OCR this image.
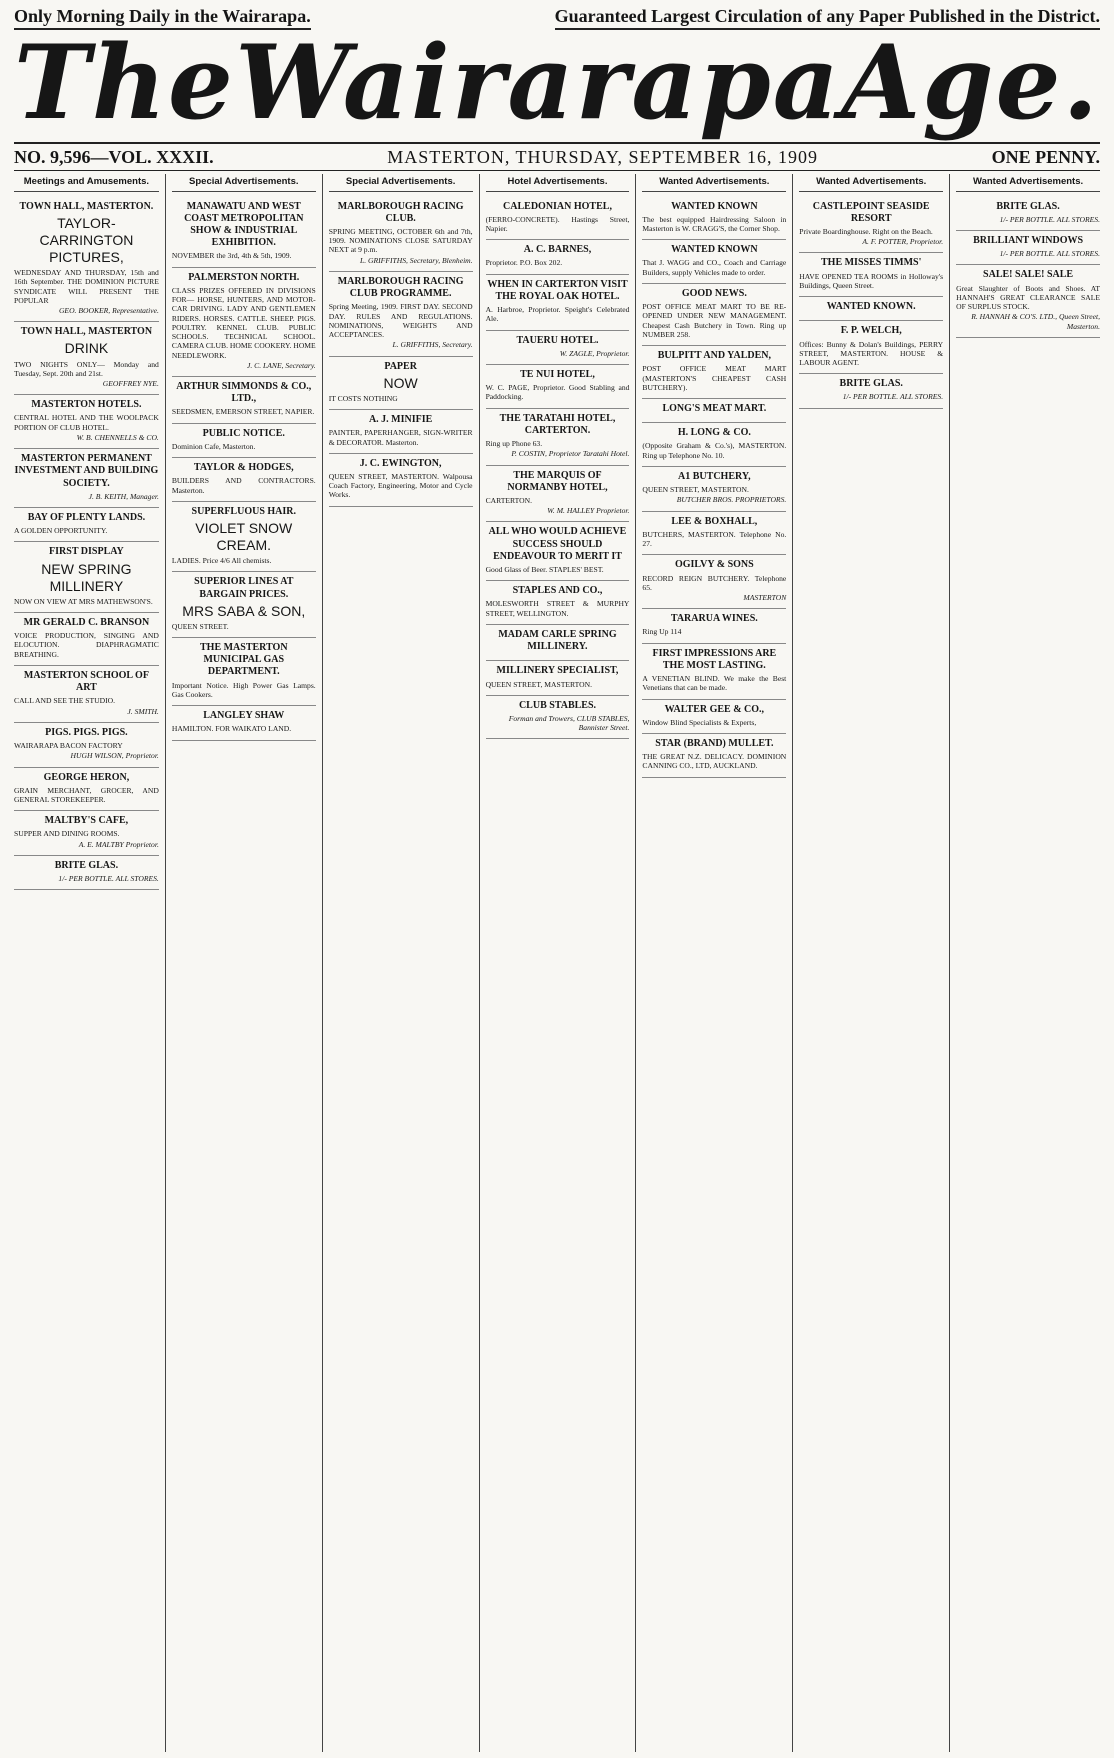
Only Morning Daily in the Wairarapa.	Guaranteed Largest Circulation of any Paper Published in the District.
The Wairarapa Age.
NO. 9,596—VOL. XXXII.	MASTERTON, THURSDAY, SEPTEMBER 16, 1909	ONE PENNY.
Meetings and Amusements.
TOWN HALL, MASTERTON.
TAYLOR-CARRINGTON PICTURES,

WEDNESDAY AND THURSDAY, 15th and 16th September. THE DOMINION PICTURE SYNDICATE WILL PRESENT THE POPULAR

GEO. BOOKER, Representative.

TOWN HALL, MASTERTON
DRINK

TWO NIGHTS ONLY— Monday and Tuesday, Sept. 20th and 21st.

GEOFFREY NYE.

MASTERTON HOTELS.

CENTRAL HOTEL AND THE WOOLPACK PORTION OF CLUB HOTEL.

W. B. CHENNELLS & CO.

MASTERTON PERMANENT INVESTMENT AND BUILDING SOCIETY.

J. B. KEITH, Manager.

BAY OF PLENTY LANDS.

A GOLDEN OPPORTUNITY.

FIRST DISPLAY
NEW SPRING MILLINERY

NOW ON VIEW AT MRS MATHEWSON'S.

MR GERALD C. BRANSON

VOICE PRODUCTION, SINGING AND ELOCUTION. DIAPHRAGMATIC BREATHING.

MASTERTON SCHOOL OF ART

CALL AND SEE THE STUDIO.

J. SMITH.

PIGS. PIGS. PIGS.

WAIRARAPA BACON FACTORY

HUGH WILSON, Proprietor.

GEORGE HERON,

GRAIN MERCHANT, GROCER, AND GENERAL STOREKEEPER.

MALTBY'S CAFE,

SUPPER AND DINING ROOMS.

A. E. MALTBY Proprietor.

BRITE GLAS.

1/- PER BOTTLE. ALL STORES.

Special Advertisements.
MANAWATU AND WEST COAST METROPOLITAN SHOW & INDUSTRIAL EXHIBITION.

NOVEMBER the 3rd, 4th & 5th, 1909.

PALMERSTON NORTH.

CLASS PRIZES OFFERED IN DIVISIONS FOR— HORSE, HUNTERS, AND MOTOR-CAR DRIVING. LADY AND GENTLEMEN RIDERS. HORSES. CATTLE. SHEEP. PIGS. POULTRY. KENNEL CLUB. PUBLIC SCHOOLS. TECHNICAL SCHOOL. CAMERA CLUB. HOME COOKERY. HOME NEEDLEWORK.

J. C. LANE, Secretary.

ARTHUR SIMMONDS & CO., LTD.,

SEEDSMEN, EMERSON STREET, NAPIER.

PUBLIC NOTICE.

Dominion Cafe, Masterton.

TAYLOR & HODGES,

BUILDERS AND CONTRACTORS. Masterton.

SUPERFLUOUS HAIR.
VIOLET SNOW CREAM.

LADIES. Price 4/6 All chemists.

SUPERIOR LINES AT BARGAIN PRICES.
MRS SABA & SON,

QUEEN STREET.

THE MASTERTON MUNICIPAL GAS DEPARTMENT.

Important Notice. High Power Gas Lamps. Gas Cookers.

LANGLEY SHAW

HAMILTON. FOR WAIKATO LAND.

Special Advertisements.
MARLBOROUGH RACING CLUB.

SPRING MEETING, OCTOBER 6th and 7th, 1909. NOMINATIONS CLOSE SATURDAY NEXT at 9 p.m.

L. GRIFFITHS, Secretary, Blenheim.

MARLBOROUGH RACING CLUB PROGRAMME.

Spring Meeting, 1909. FIRST DAY. SECOND DAY. RULES AND REGULATIONS. NOMINATIONS, WEIGHTS AND ACCEPTANCES.

L. GRIFFITHS, Secretary.

PAPER
NOW

IT COSTS NOTHING

A. J. MINIFIE

PAINTER, PAPERHANGER, SIGN-WRITER & DECORATOR. Masterton.

J. C. EWINGTON,

QUEEN STREET, MASTERTON. Walpousa Coach Factory, Engineering, Motor and Cycle Works.

Hotel Advertisements.
CALEDONIAN HOTEL,

(FERRO-CONCRETE). Hastings Street, Napier.

A. C. BARNES,

Proprietor. P.O. Box 202.

WHEN IN CARTERTON VISIT THE ROYAL OAK HOTEL.

A. Harbroe, Proprietor. Speight's Celebrated Ale.

TAUERU HOTEL.

W. ZAGLE, Proprietor.

TE NUI HOTEL,

W. C. PAGE, Proprietor. Good Stabling and Paddocking.

THE TARATAHI HOTEL, CARTERTON.

Ring up Phone 63.

P. COSTIN, Proprietor Taratahi Hotel.

THE MARQUIS OF NORMANBY HOTEL,

CARTERTON.

W. M. HALLEY Proprietor.

ALL WHO WOULD ACHIEVE SUCCESS SHOULD ENDEAVOUR TO MERIT IT

Good Glass of Beer. STAPLES' BEST.

STAPLES AND CO.,

MOLESWORTH STREET & MURPHY STREET, WELLINGTON.

MADAM CARLE SPRING MILLINERY.
MILLINERY SPECIALIST,

QUEEN STREET, MASTERTON.

CLUB STABLES.

Forman and Trowers, CLUB STABLES, Bannister Street.

Wanted Advertisements.
WANTED KNOWN

The best equipped Hairdressing Saloon in Masterton is W. CRAGG'S, the Corner Shop.

WANTED KNOWN

That J. WAGG and CO., Coach and Carriage Builders, supply Vehicles made to order.

GOOD NEWS.

POST OFFICE MEAT MART TO BE RE-OPENED UNDER NEW MANAGEMENT. Cheapest Cash Butchery in Town. Ring up NUMBER 258.

BULPITT AND YALDEN,

POST OFFICE MEAT MART (MASTERTON'S CHEAPEST CASH BUTCHERY).

LONG'S MEAT MART.
H. LONG & CO.

(Opposite Graham & Co.'s), MASTERTON. Ring up Telephone No. 10.

A1 BUTCHERY,

QUEEN STREET, MASTERTON.

BUTCHER BROS. PROPRIETORS.

LEE & BOXHALL,

BUTCHERS, MASTERTON. Telephone No. 27.

OGILVY & SONS

RECORD REIGN BUTCHERY. Telephone 65.

MASTERTON

TARARUA WINES.

Ring Up 114

FIRST IMPRESSIONS ARE THE MOST LASTING.

A VENETIAN BLIND. We make the Best Venetians that can be made.

WALTER GEE & CO.,

Window Blind Specialists & Experts,

STAR (BRAND) MULLET.

THE GREAT N.Z. DELICACY. DOMINION CANNING CO., LTD, AUCKLAND.

Wanted Advertisements.
CASTLEPOINT SEASIDE RESORT

Private Boardinghouse. Right on the Beach.

A. F. POTTER, Proprietor.

THE MISSES TIMMS'

HAVE OPENED TEA ROOMS in Holloway's Buildings, Queen Street.

WANTED KNOWN.
F. P. WELCH,

Offices: Bunny & Dolan's Buildings, PERRY STREET, MASTERTON. HOUSE & LABOUR AGENT.

BRITE GLAS.

1/- PER BOTTLE. ALL STORES.

Wanted Advertisements.
BRITE GLAS.

1/- PER BOTTLE. ALL STORES.

BRILLIANT WINDOWS

1/- PER BOTTLE. ALL STORES.

SALE! SALE! SALE

Great Slaughter of Boots and Shoes. AT HANNAH'S GREAT CLEARANCE SALE OF SURPLUS STOCK.

R. HANNAH & CO'S. LTD., Queen Street, Masterton.
